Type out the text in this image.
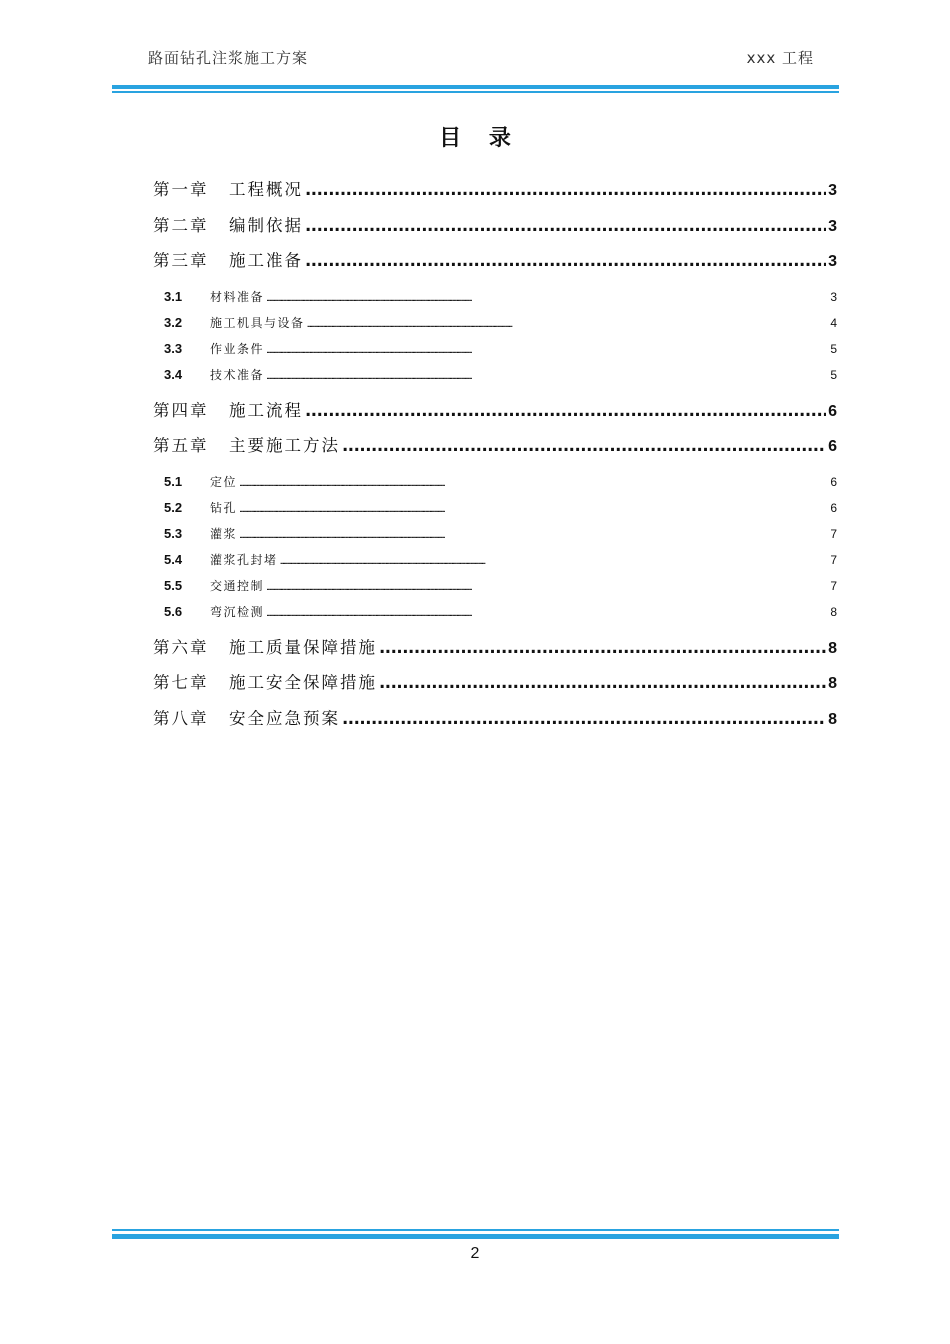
路面钻孔注浆施工方案	xxx 工程
目 录
第一章	工程概况 . . .	3
第二章	编制依据 . . .	3
第三章	施工准备 . . .	3
3.1	材料准备 . . .	3
3.2	施工机具与设备 . . .	4
3.3	作业条件 . . .	5
3.4	技术准备 . . .	5
第四章	施工流程 . . .	6
第五章	主要施工方法 . . .	6
5.1	定位 . . .	6
5.2	钻孔 . . .	6
5.3	灌浆 . . .	7
5.4	灌浆孔封堵 . . .	7
5.5	交通控制 . . .	7
5.6	弯沉检测 . . .	8
第六章	施工质量保障措施 . . .	8
第七章	施工安全保障措施 . . .	8
第八章	安全应急预案 . . .	8
2
